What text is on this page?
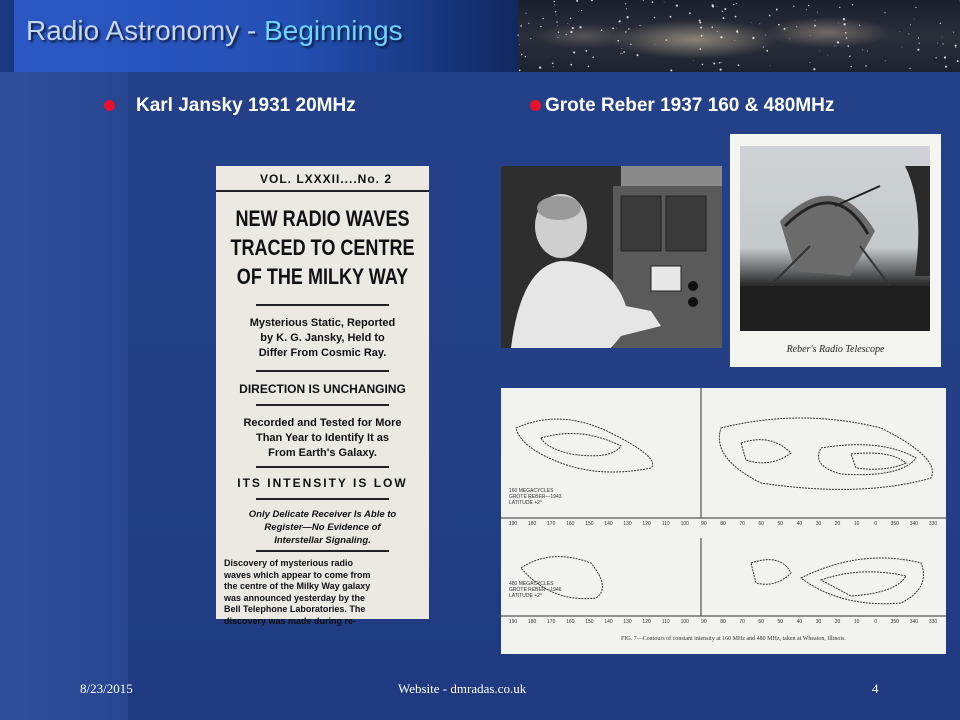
Radio Astronomy - Beginnings
Karl Jansky 1931 20MHz	Grote Reber 1937 160 & 480MHz
VOL. LXXXII....No. 2
NEW RADIO WAVES
TRACED TO CENTRE
OF THE MILKY WAY
Mysterious Static, Reported
by K. G. Jansky, Held to
Differ From Cosmic Ray.
DIRECTION IS UNCHANGING
Recorded and Tested for More
Than Year to Identify It as
From Earth's Galaxy.
ITS INTENSITY IS LOW
Only Delicate Receiver Is Able to
Register—No Evidence of
Interstellar Signaling.
Discovery of mysterious radio
waves which appear to come from
the centre of the Milky Way galaxy
was announced yesterday by the
Bell Telephone Laboratories. The
discovery was made during re-
Reber's Radio Telescope
190 180 170 160 150 140 130 120 110 100 90	80	70	60	50	40	30	20	10	0	350 340 330
190 180 170 160 150 140 130 120 110 100 90	80	70	60	50	40	30	20	10	0	350 340 330
160 MEGACYCLES
GROTE REBER—1943
LATITUDE +2°
480 MEGACYCLES
GROTE REBER—1946
LATITUDE +2°
FIG. 7—Contours of constant intensity at 160 MHz and 480 MHz, taken at Wheaton, Illinois.
8/23/2015	Website - dmradas.co.uk	4
